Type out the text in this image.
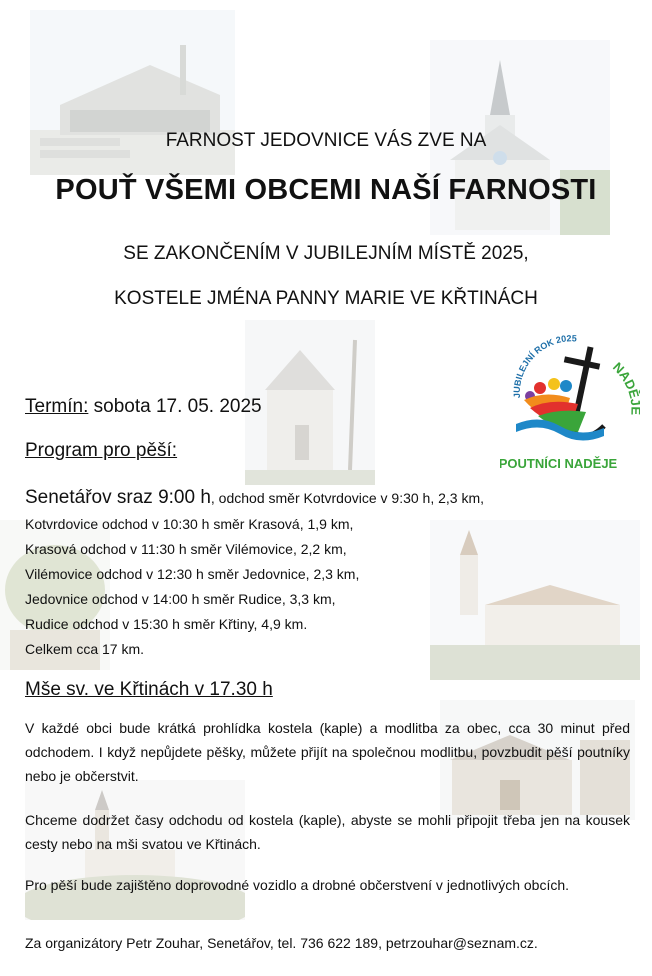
FARNOST JEDOVNICE VÁS ZVE NA
POUŤ VŠEMI OBCEMI NAŠÍ FARNOSTI
SE ZAKONČENÍM V JUBILEJNÍM MÍSTĚ 2025,
KOSTELE JMÉNA PANNY MARIE VE KŘTINÁCH
JUBILEJNÍ ROK 2025
NAD
POUTNÍCI NADĚJE
Termín: sobota 17. 05. 2025
Program pro pěší:
Senetářov sraz 9:00 h, odchod směr Kotvrdovice v 9:30 h, 2,3 km,
Kotvrdovice odchod v 10:30 h směr Krasová, 1,9 km,
Krasová odchod v 11:30 h směr Vilémovice, 2,2 km,
Vilémovice odchod v 12:30 h směr Jedovnice, 2,3 km,
Jedovnice odchod v 14:00 h směr Rudice, 3,3 km,
Rudice odchod v 15:30 h směr Křtiny, 4,9 km.
Celkem cca 17 km.
Mše sv. ve Křtinách v 17.30 h
V každé obci bude krátká prohlídka kostela (kaple) a modlitba za obec, cca 30 minut před odchodem. I když nepůjdete pěšky, můžete přijít na společnou modlitbu, povzbudit pěší poutníky nebo je občerstvit.
Chceme dodržet časy odchodu od kostela (kaple), abyste se mohli připojit třeba jen na kousek cesty nebo na mši svatou ve Křtinách.
Pro pěší bude zajištěno doprovodné vozidlo a drobné občerstvení v jednotlivých obcích.
Za organizátory Petr Zouhar, Senetářov, tel. 736 622 189, petrzouhar@seznam.cz.
